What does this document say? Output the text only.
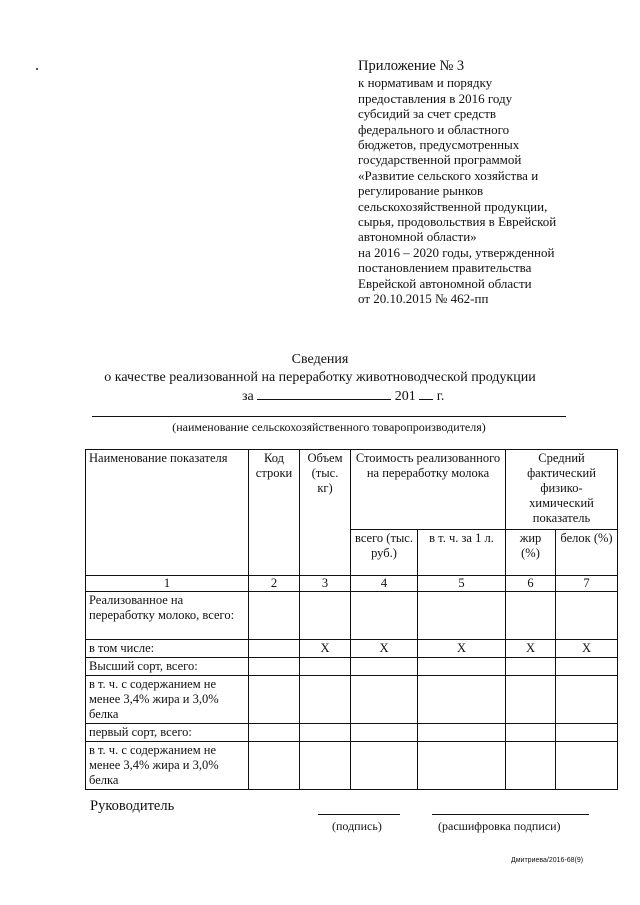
Приложение № 3
к нормативам и порядку
предоставления в 2016 году
субсидий за счет средств
федерального и областного
бюджетов, предусмотренных
государственной программой
«Развитие сельского хозяйства и
регулирование рынков
сельскохозяйственной продукции,
сырья, продовольствия в Еврейской
автономной области»
на 2016 – 2020 годы, утвержденной
постановлением правительства
Еврейской автономной области
от 20.10.2015 № 462-пп
Сведения
о качестве реализованной на переработку животноводческой продукции
за	201 г.
(наименование сельскохозяйственного товаропроизводителя)
Наименование показателя	Код строки	Объем (тыс. кг)	Стоимость реализованного на переработку молока		Средний фактический физико-химический показатель	
			всего (тыс. руб.)	в т. ч. за 1 л.	жир (%)	белок (%)
1	2	3	4	5	6	7
Реализованное на переработку молоко, всего:						
в том числе:		X	X	X	X	X
Высший сорт, всего:						
в т. ч. с содержанием не менее 3,4% жира и 3,0% белка						
первый сорт, всего:						
в т. ч. с содержанием не менее 3,4% жира и 3,0% белка						
Руководитель
(подпись)	(расшифровка подписи)
Дмитриева/2016-68(9)
